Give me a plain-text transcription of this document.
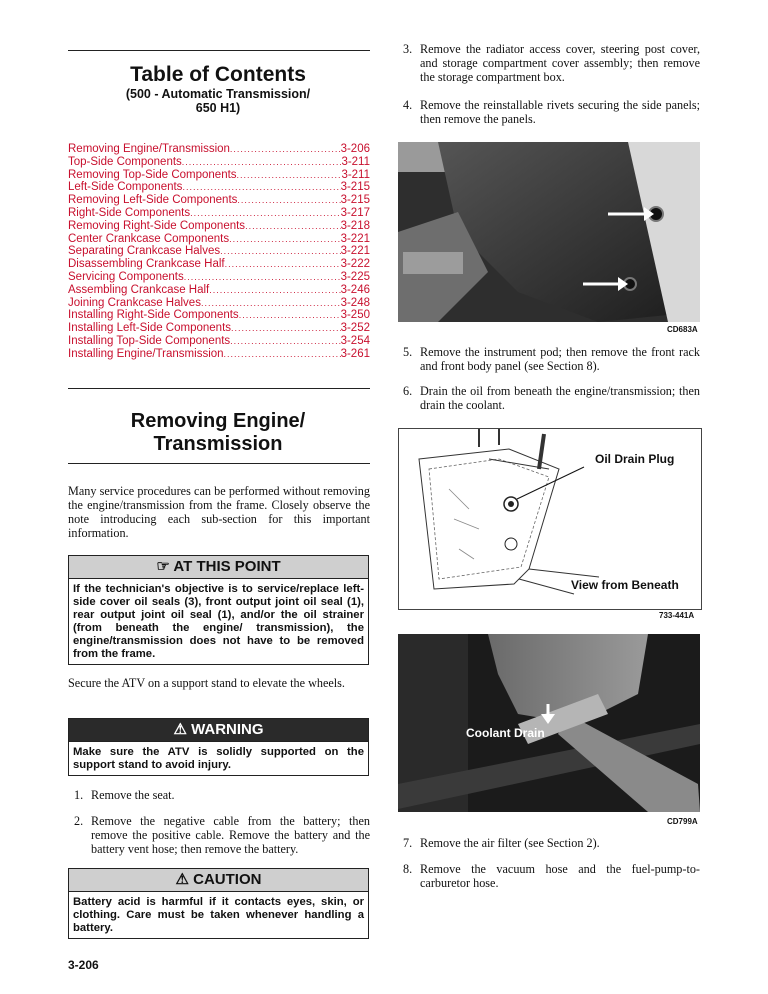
Table of Contents
(500 - Automatic Transmission/
650 H1)
Removing Engine/Transmission .....	3-206
Top-Side Components .....	3-211
Removing Top-Side Components .....	3-211
Left-Side Components .....	3-215
Removing Left-Side Components .....	3-215
Right-Side Components .....	3-217
Removing Right-Side Components .....	3-218
Center Crankcase Components .....	3-221
Separating Crankcase Halves .....	3-221
Disassembling Crankcase Half .....	3-222
Servicing Components .....	3-225
Assembling Crankcase Half .....	3-246
Joining Crankcase Halves .....	3-248
Installing Right-Side Components .....	3-250
Installing Left-Side Components .....	3-252
Installing Top-Side Components .....	3-254
Installing Engine/Transmission .....	3-261
Removing Engine/
Transmission
Many service procedures can be performed without removing the engine/transmission from the frame. Closely observe the note introducing each sub-section for this important information.
☞ AT THIS POINT
If the technician's objective is to service/replace left-side cover oil seals (3), front output joint oil seal (1), rear output joint oil seal (1), and/or the oil strainer (from beneath the engine/ transmission), the engine/transmission does not have to be removed from the frame.
Secure the ATV on a support stand to elevate the wheels.
⚠ WARNING
Make sure the ATV is solidly supported on the support stand to avoid injury.
1. Remove the seat.
2. Remove the negative cable from the battery; then remove the positive cable. Remove the battery and the battery vent hose; then remove the battery.
⚠ CAUTION
Battery acid is harmful if it contacts eyes, skin, or clothing. Care must be taken whenever handling a battery.
3-206
3. Remove the radiator access cover, steering post cover, and storage compartment cover assembly; then remove the storage compartment box.
4. Remove the reinstallable rivets securing the side panels; then remove the panels.
CD683A
5. Remove the instrument pod; then remove the front rack and front body panel (see Section 8).
6. Drain the oil from beneath the engine/transmission; then drain the coolant.
Oil Drain Plug
View from Beneath
733-441A
Coolant Drain
CD799A
7. Remove the air filter (see Section 2).
8. Remove the vacuum hose and the fuel-pump-to-carburetor hose.
